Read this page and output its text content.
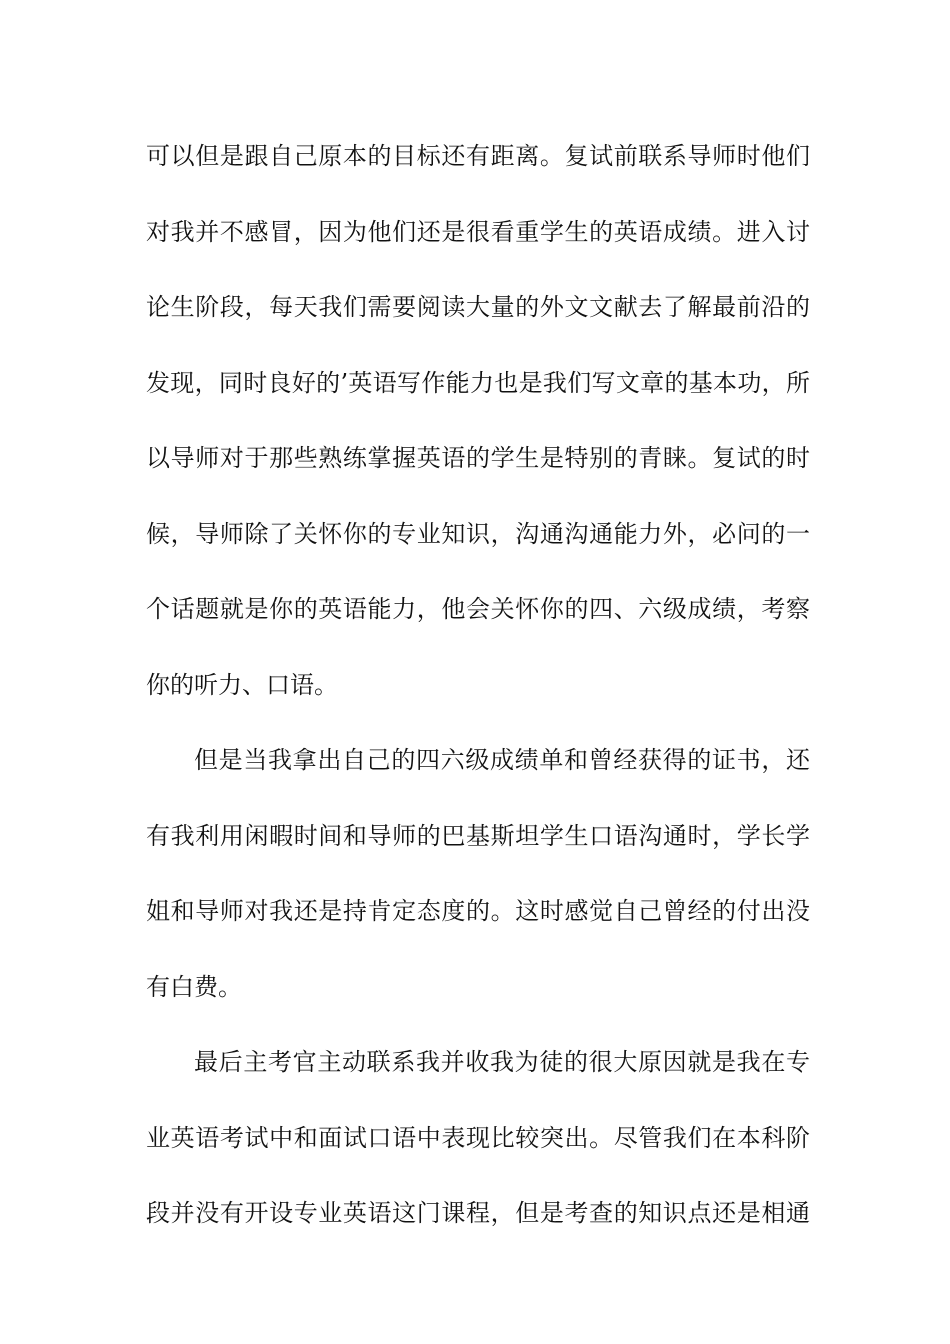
可以但是跟自己原本的目标还有距离。复试前联系导师时他们
对我并不感冒，因为他们还是很看重学生的英语成绩。进入讨
论生阶段，每天我们需要阅读大量的外文文献去了解最前沿的
发现，同时良好的’英语写作能力也是我们写文章的基本功，所
以导师对于那些熟练掌握英语的学生是特别的青睐。复试的时
候，导师除了关怀你的专业知识，沟通沟通能力外，必问的一
个话题就是你的英语能力，他会关怀你的四、六级成绩，考察
你的听力、口语。
但是当我拿出自己的四六级成绩单和曾经获得的证书，还
有我利用闲暇时间和导师的巴基斯坦学生口语沟通时，学长学
姐和导师对我还是持肯定态度的。这时感觉自己曾经的付出没
有白费。
最后主考官主动联系我并收我为徒的很大原因就是我在专
业英语考试中和面试口语中表现比较突出。尽管我们在本科阶
段并没有开设专业英语这门课程，但是考查的知识点还是相通
